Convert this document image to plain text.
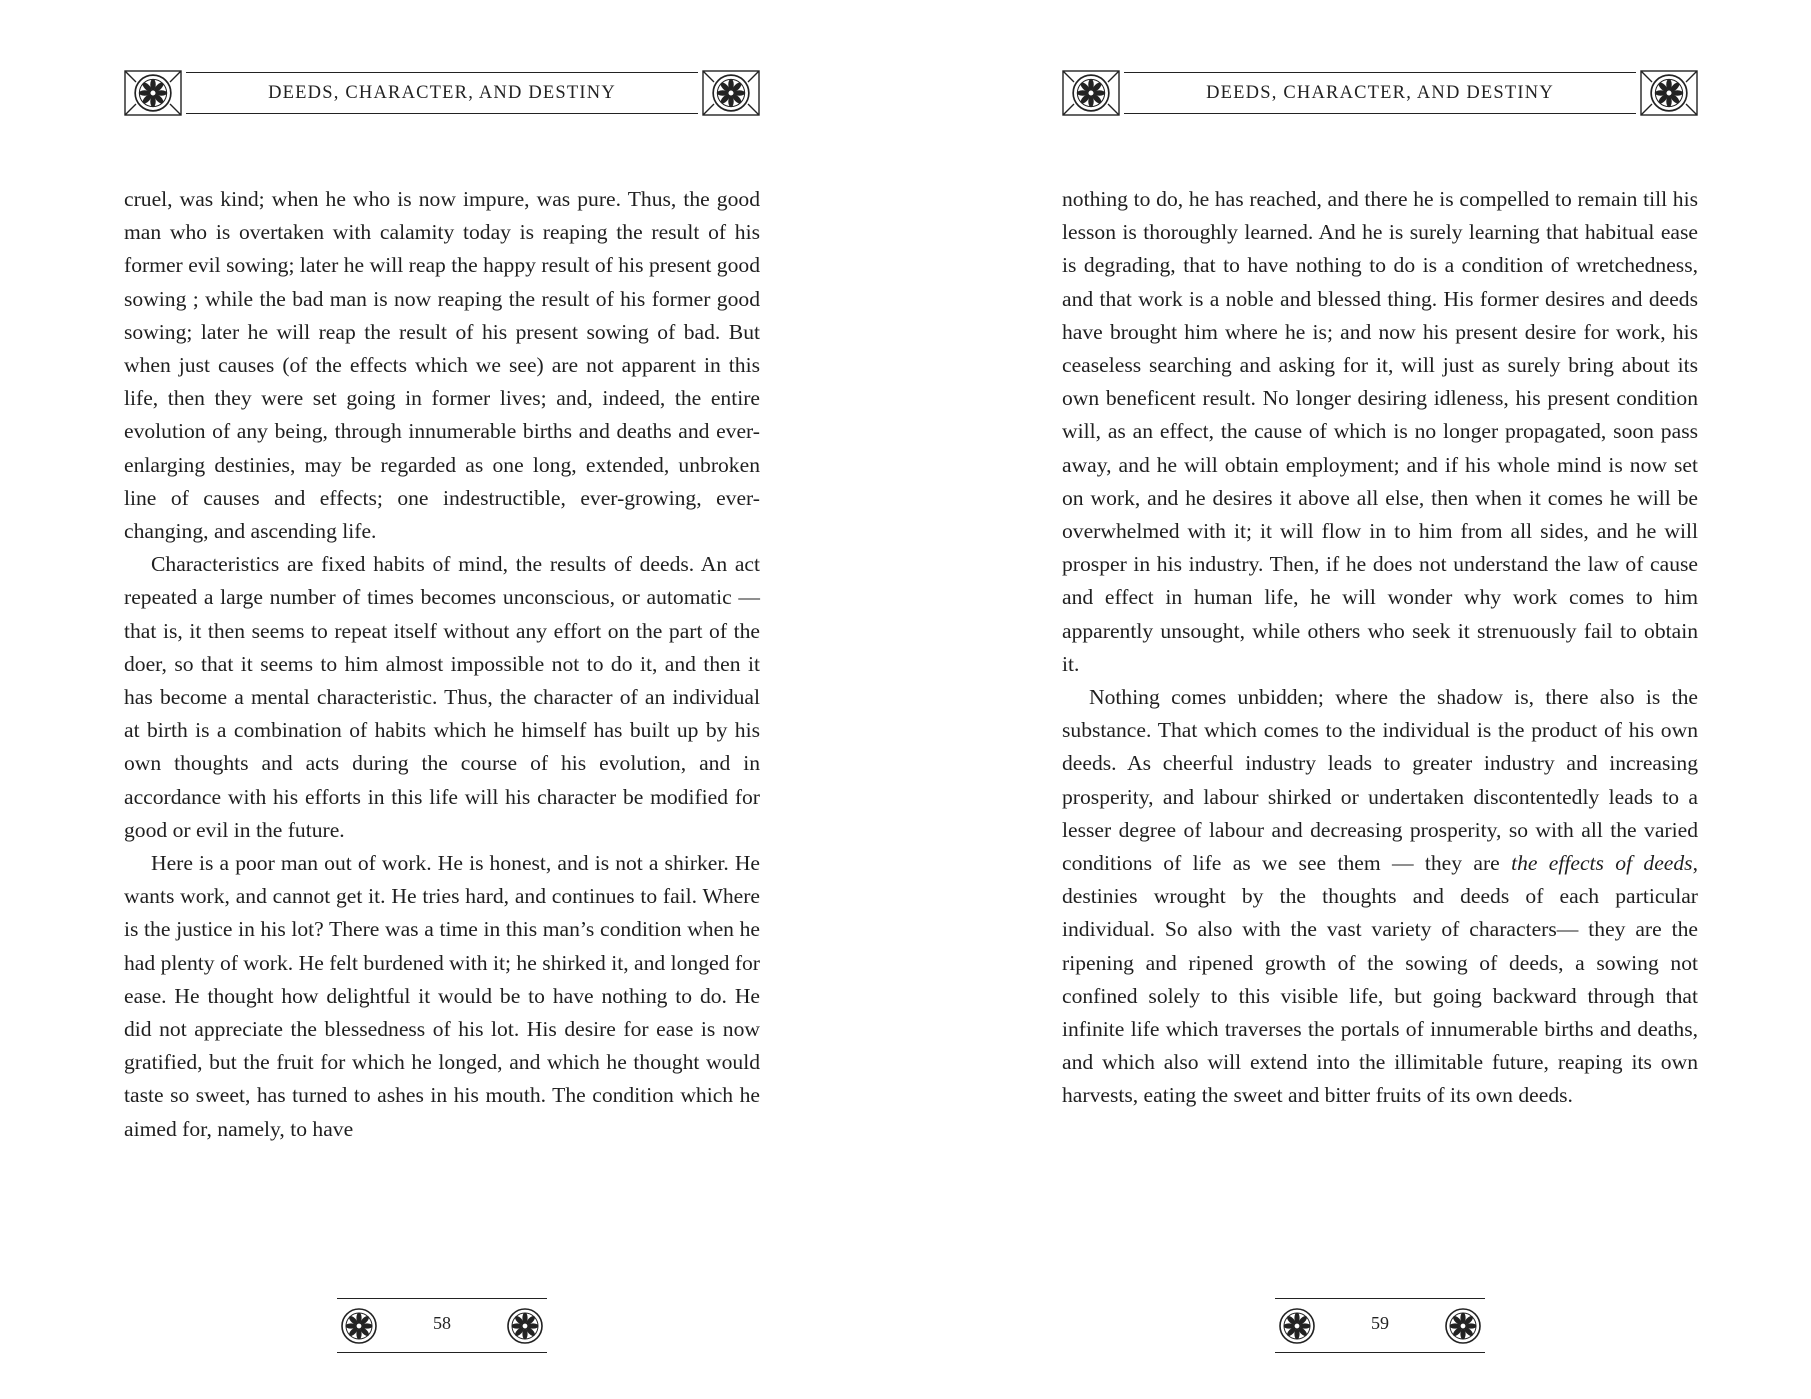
DEEDS, CHARACTER, AND DESTINY

cruel, was kind; when he who is now impure, was pure. Thus, the good man who is overtaken with calamity today is reaping the result of his former evil sowing; later he will reap the happy result of his present good sowing ; while the bad man is now reaping the result of his former good sowing; later he will reap the result of his present sowing of bad. But when just causes (of the effects which we see) are not apparent in this life, then they were set going in former lives; and, indeed, the entire evolution of any being, through innumerable births and deaths and ever-enlarging destinies, may be regarded as one long, extended, unbroken line of causes and effects; one indestructible, ever-growing, ever-changing, and ascending life.

Characteristics are fixed habits of mind, the results of deeds. An act repeated a large number of times becomes unconscious, or automatic — that is, it then seems to repeat itself without any effort on the part of the doer, so that it seems to him almost impossible not to do it, and then it has become a mental characteristic. Thus, the character of an individual at birth is a combination of habits which he himself has built up by his own thoughts and acts during the course of his evolution, and in accordance with his efforts in this life will his character be modified for good or evil in the future.

Here is a poor man out of work. He is honest, and is not a shirker. He wants work, and cannot get it. He tries hard, and continues to fail. Where is the justice in his lot? There was a time in this man’s condition when he had plenty of work. He felt burdened with it; he shirked it, and longed for ease. He thought how delightful it would be to have nothing to do. He did not appreciate the blessedness of his lot. His desire for ease is now gratified, but the fruit for which he longed, and which he thought would taste so sweet, has turned to ashes in his mouth. The condition which he aimed for, namely, to have

58
DEEDS, CHARACTER, AND DESTINY

nothing to do, he has reached, and there he is compelled to remain till his lesson is thoroughly learned. And he is surely learning that habitual ease is degrading, that to have nothing to do is a condition of wretchedness, and that work is a noble and blessed thing. His former desires and deeds have brought him where he is; and now his present desire for work, his ceaseless searching and asking for it, will just as surely bring about its own beneficent result. No longer desiring idleness, his present condition will, as an effect, the cause of which is no longer propagated, soon pass away, and he will obtain employment; and if his whole mind is now set on work, and he desires it above all else, then when it comes he will be overwhelmed with it; it will flow in to him from all sides, and he will prosper in his industry. Then, if he does not understand the law of cause and effect in human life, he will wonder why work comes to him apparently unsought, while others who seek it strenuously fail to obtain it.

Nothing comes unbidden; where the shadow is, there also is the substance. That which comes to the individual is the product of his own deeds. As cheerful industry leads to greater industry and increasing prosperity, and labour shirked or undertaken discontentedly leads to a lesser degree of labour and decreasing prosperity, so with all the varied conditions of life as we see them — they are the effects of deeds, destinies wrought by the thoughts and deeds of each particular individual. So also with the vast variety of characters— they are the ripening and ripened growth of the sowing of deeds, a sowing not confined solely to this visible life, but going backward through that infinite life which traverses the portals of innumerable births and deaths, and which also will extend into the illimitable future, reaping its own harvests, eating the sweet and bitter fruits of its own deeds.

59
